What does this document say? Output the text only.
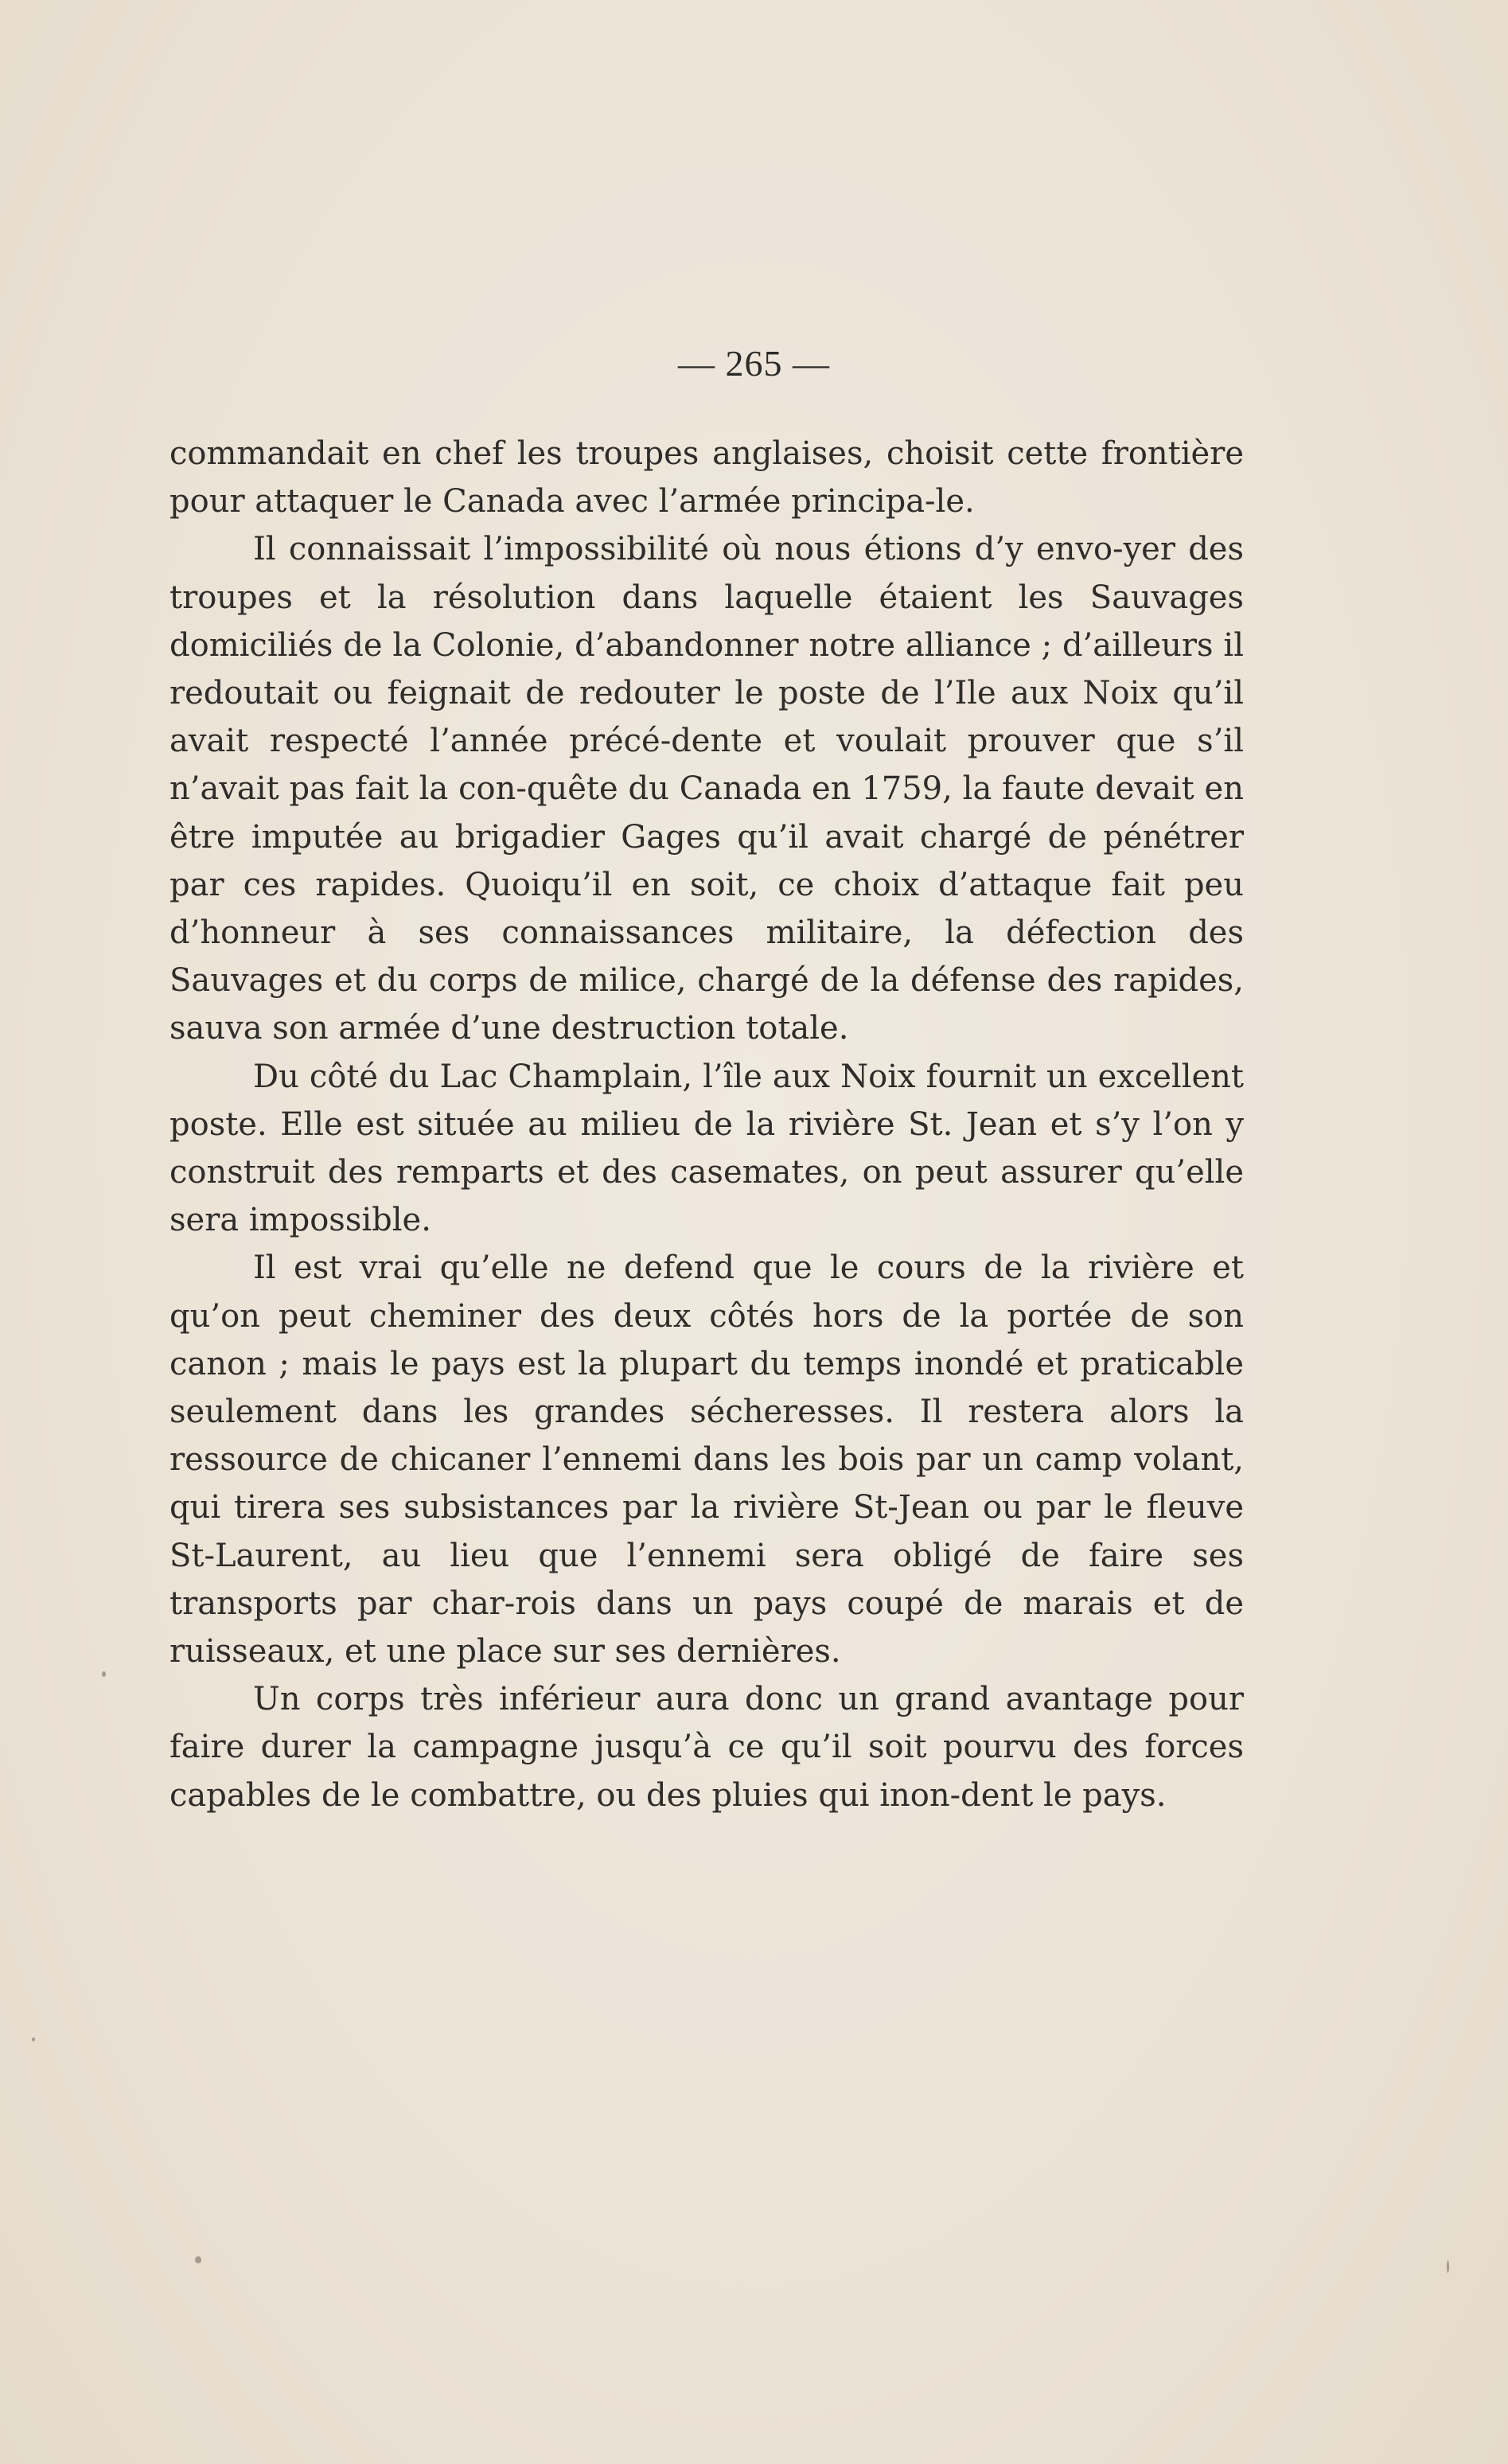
— 265 —

commandait en chef les troupes anglaises, choisit cette frontière pour attaquer le Canada avec l’armée principa-le.

Il connaissait l’impossibilité où nous étions d’y envo-yer des troupes et la résolution dans laquelle étaient les Sauvages domiciliés de la Colonie, d’abandonner notre alliance ; d’ailleurs il redoutait ou feignait de redouter le poste de l’Ile aux Noix qu’il avait respecté l’année précé-dente et voulait prouver que s’il n’avait pas fait la con-quête du Canada en 1759, la faute devait en être imputée au brigadier Gages qu’il avait chargé de pénétrer par ces rapides. Quoiqu’il en soit, ce choix d’attaque fait peu d’honneur à ses connaissances militaire, la défection des Sauvages et du corps de milice, chargé de la défense des rapides, sauva son armée d’une destruction totale.

Du côté du Lac Champlain, l’île aux Noix fournit un excellent poste. Elle est située au milieu de la rivière St. Jean et s’y l’on y construit des remparts et des casemates, on peut assurer qu’elle sera impossible.

Il est vrai qu’elle ne defend que le cours de la rivière et qu’on peut cheminer des deux côtés hors de la portée de son canon ; mais le pays est la plupart du temps inondé et praticable seulement dans les grandes sécheresses. Il restera alors la ressource de chicaner l’ennemi dans les bois par un camp volant, qui tirera ses subsistances par la rivière St-Jean ou par le fleuve St-Laurent, au lieu que l’ennemi sera obligé de faire ses transports par char-rois dans un pays coupé de marais et de ruisseaux, et une place sur ses dernières.

Un corps très inférieur aura donc un grand avantage pour faire durer la campagne jusqu’à ce qu’il soit pourvu des forces capables de le combattre, ou des pluies qui inon-dent le pays.
